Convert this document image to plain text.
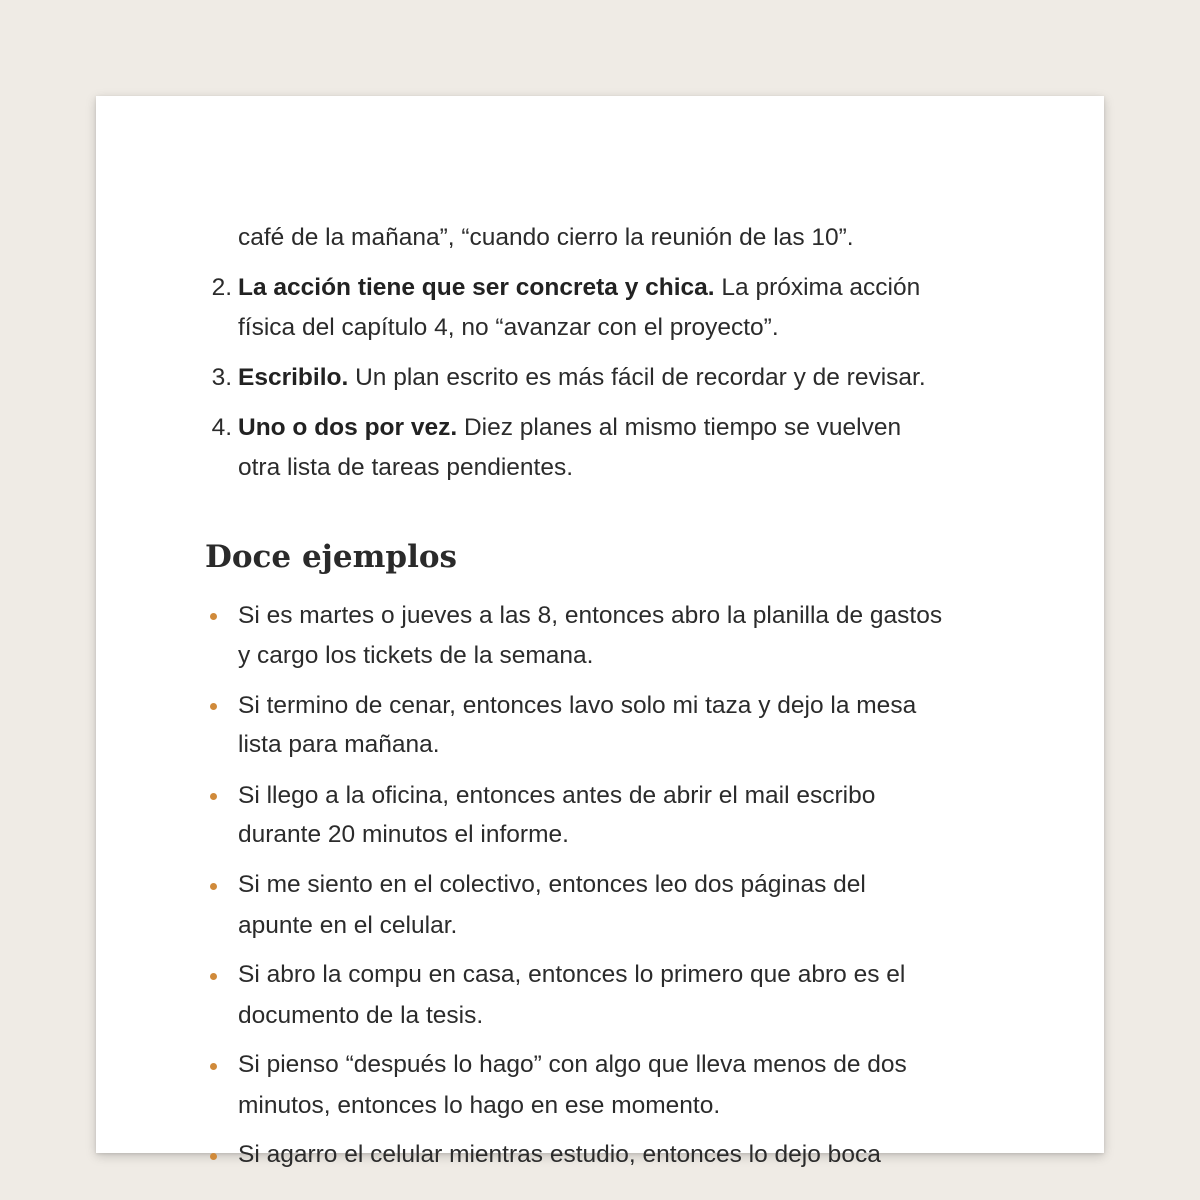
café de la mañana”, “cuando cierro la reunión de las 10”.
2. La acción tiene que ser concreta y chica. La próxima acción
física del capítulo 4, no “avanzar con el proyecto”.
3. Escribilo. Un plan escrito es más fácil de recordar y de revisar.
4. Uno o dos por vez. Diez planes al mismo tiempo se vuelven
otra lista de tareas pendientes.
Doce ejemplos
Si es martes o jueves a las 8, entonces abro la planilla de gastos
y cargo los tickets de la semana.
Si termino de cenar, entonces lavo solo mi taza y dejo la mesa
lista para mañana.
Si llego a la oficina, entonces antes de abrir el mail escribo
durante 20 minutos el informe.
Si me siento en el colectivo, entonces leo dos páginas del
apunte en el celular.
Si abro la compu en casa, entonces lo primero que abro es el
documento de la tesis.
Si pienso “después lo hago” con algo que lleva menos de dos
minutos, entonces lo hago en ese momento.
Si agarro el celular mientras estudio, entonces lo dejo boca
